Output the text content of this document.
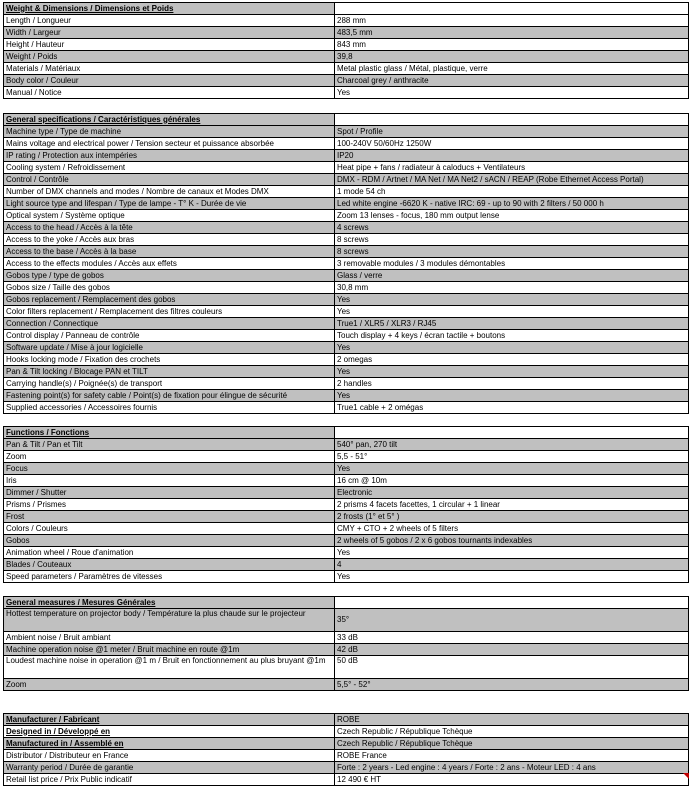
Weight & Dimensions / Dimensions et Poids	
Length / Longueur	288 mm
Width / Largeur	483,5 mm
Height / Hauteur	843 mm
Weight / Poids	39,8
Materials / Matériaux	Metal plastic glass / Métal, plastique, verre
Body color / Couleur	Charcoal grey / anthracite
Manual / Notice	Yes
General specifications / Caractéristiques générales	
Machine type / Type de machine	Spot / Profile
Mains voltage and electrical power / Tension secteur et puissance absorbée	100-240V 50/60Hz 1250W
IP rating / Protection aux intempéries	IP20
Cooling system / Refroidissement	Heat pipe + fans / radiateur à caloducs + Ventilateurs
Control / Contrôle	DMX - RDM / Artnet / MA Net / MA Net2 / sACN / REAP (Robe Ethernet Access Portal)
Number of DMX channels and modes / Nombre de canaux et Modes DMX	1 mode 54 ch
Light source type and lifespan / Type de lampe - T° K - Durée de vie	Led white engine -6620 K - native IRC: 69 - up to 90 with 2 filters / 50 000 h
Optical system / Système optique	Zoom 13 lenses - focus, 180 mm output lense
Access to the head / Accès à la tête	4 screws
Access to the yoke / Accès aux bras	8 screws
Access to the base / Accès à la base	8 screws
Access to the effects modules / Accès aux effets	3 removable modules / 3 modules démontables
Gobos type / type de gobos	Glass / verre
Gobos size / Taille des gobos	30,8 mm
Gobos replacement / Remplacement des gobos	Yes
Color filters replacement / Remplacement des filtres couleurs	Yes
Connection / Connectique	True1 / XLR5 / XLR3 / RJ45
Control display / Panneau de contrôle	Touch display + 4 keys / écran tactile + boutons
Software update / Mise à jour logicielle	Yes
Hooks locking mode / Fixation des crochets	2 omegas
Pan & Tilt locking / Blocage PAN et TILT	Yes
Carrying handle(s) / Poignée(s) de transport	2 handles
Fastening point(s) for safety cable / Point(s) de fixation pour élingue de sécurité	Yes
Supplied accessories / Accessoires fournis	True1 cable + 2 omégas
Functions / Fonctions	
Pan & Tilt / Pan et Tilt	540° pan, 270 tilt
Zoom	5,5 - 51°
Focus	Yes
Iris	16 cm @ 10m
Dimmer / Shutter	Electronic
Prisms / Prismes	2 prisms 4 facets facettes, 1 circular + 1 linear
Frost	2 frosts (1° et 5° )
Colors / Couleurs	CMY + CTO + 2 wheels of 5 filters
Gobos	2 wheels of 5 gobos / 2 x 6 gobos tournants indexables
Animation wheel / Roue d'animation	Yes
Blades / Couteaux	4
Speed parameters / Paramètres de vitesses	Yes
General measures / Mesures Générales	
Hottest temperature on projector body / Température la plus chaude sur le projecteur	35°
Ambient noise / Bruit ambiant	33 dB
Machine operation noise @1 meter / Bruit machine en route @1m	42 dB
Loudest machine noise in operation @1 m / Bruit en fonctionnement au plus bruyant @1m	50 dB
Zoom	5,5° - 52°
Manufacturer / Fabricant	ROBE
Designed in / Développé en	Czech Republic / République Tchèque
Manufactured in / Assemblé en	Czech Republic / République Tchèque
Distributor / Distributeur en France	ROBE France
Warranty period / Durée de garantie	Forte : 2 years - Led engine : 4 years / Forte : 2 ans - Moteur LED : 4 ans
Retail list price / Prix Public indicatif	12 490 € HT
